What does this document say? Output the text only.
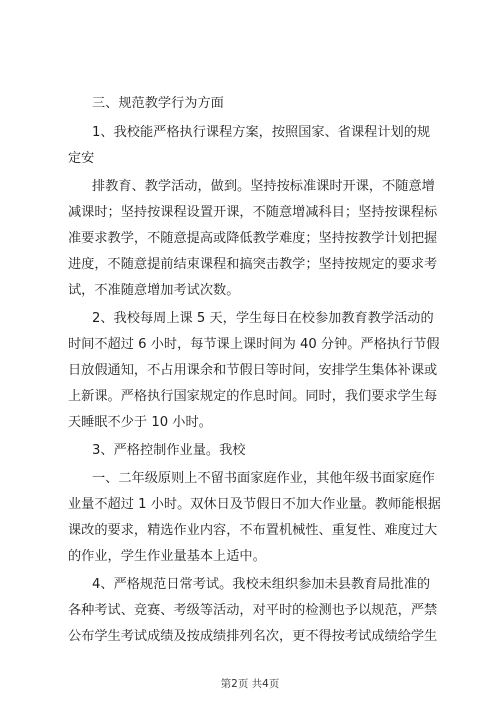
三、规范教学行为方面
1、我校能严格执行课程方案，按照国家、省课程计划的规
定安
排教育、教学活动，做到。坚持按标准课时开课，不随意增
减课时；坚持按课程设置开课，不随意增减科目；坚持按课程标
准要求教学，不随意提高或降低教学难度；坚持按教学计划把握
进度，不随意提前结束课程和搞突击教学；坚持按规定的要求考
试，不准随意增加考试次数。
2、我校每周上课 5 天，学生每日在校参加教育教学活动的
时间不超过 6 小时，每节课上课时间为 40 分钟。严格执行节假
日放假通知，不占用课余和节假日等时间，安排学生集体补课或
上新课。严格执行国家规定的作息时间。同时，我们要求学生每
天睡眠不少于 10 小时。
3、严格控制作业量。我校
一、二年级原则上不留书面家庭作业，其他年级书面家庭作
业量不超过 1 小时。双休日及节假日不加大作业量。教师能根据
课改的要求，精选作业内容，不布置机械性、重复性、难度过大
的作业，学生作业量基本上适中。
4、严格规范日常考试。我校未组织参加未县教育局批准的
各种考试、竞赛、考级等活动，对平时的检测也予以规范，严禁
公布学生考试成绩及按成绩排列名次，更不得按考试成绩给学生
第2页 共4页
